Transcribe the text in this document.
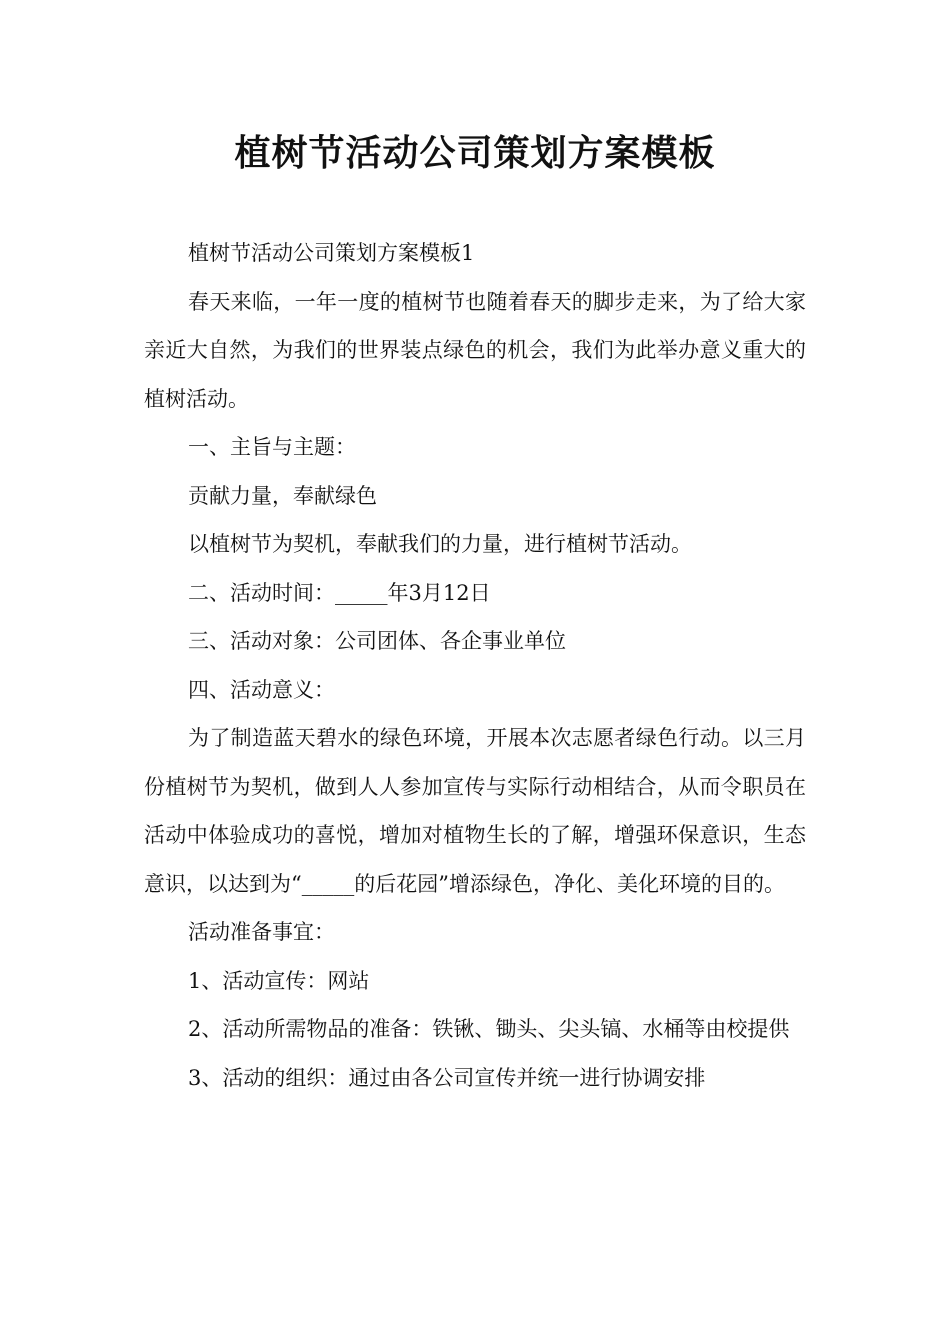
植树节活动公司策划方案模板

植树节活动公司策划方案模板1

春天来临，一年一度的植树节也随着春天的脚步走来，为了给大家亲近大自然，为我们的世界装点绿色的机会，我们为此举办意义重大的植树活动。

一、主旨与主题：

贡献力量，奉献绿色

以植树节为契机，奉献我们的力量，进行植树节活动。

二、活动时间：_____年3月12日

三、活动对象：公司团体、各企事业单位

四、活动意义：

为了制造蓝天碧水的绿色环境，开展本次志愿者绿色行动。以三月份植树节为契机，做到人人参加宣传与实际行动相结合，从而令职员在活动中体验成功的喜悦，增加对植物生长的了解，增强环保意识，生态意识，以达到为“_____的后花园”增添绿色，净化、美化环境的目的。

活动准备事宜：

1、活动宣传：网站

2、活动所需物品的准备：铁锹、锄头、尖头镐、水桶等由校提供

3、活动的组织：通过由各公司宣传并统一进行协调安排
